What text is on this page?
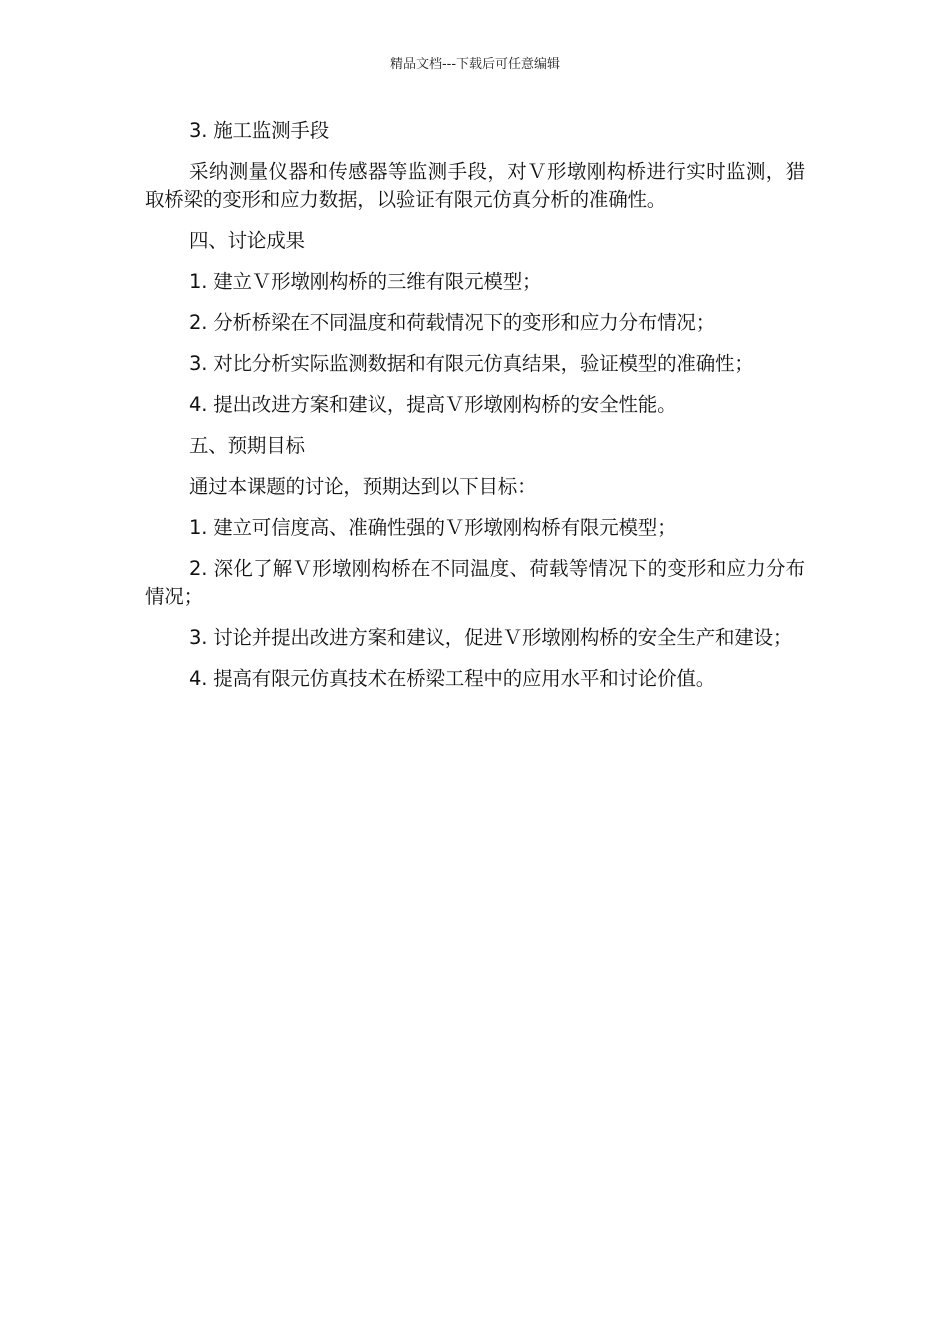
精品文档---下载后可任意编辑

3. 施工监测手段

采纳测量仪器和传感器等监测手段，对Ｖ形墩刚构桥进行实时监测，猎取桥梁的变形和应力数据，以验证有限元仿真分析的准确性。

四、讨论成果

1. 建立Ｖ形墩刚构桥的三维有限元模型；

2. 分析桥梁在不同温度和荷载情况下的变形和应力分布情况；

3. 对比分析实际监测数据和有限元仿真结果，验证模型的准确性；

4. 提出改进方案和建议，提高Ｖ形墩刚构桥的安全性能。

五、预期目标

通过本课题的讨论，预期达到以下目标：

1. 建立可信度高、准确性强的Ｖ形墩刚构桥有限元模型；

2. 深化了解Ｖ形墩刚构桥在不同温度、荷载等情况下的变形和应力分布情况；

3. 讨论并提出改进方案和建议，促进Ｖ形墩刚构桥的安全生产和建设；

4. 提高有限元仿真技术在桥梁工程中的应用水平和讨论价值。
